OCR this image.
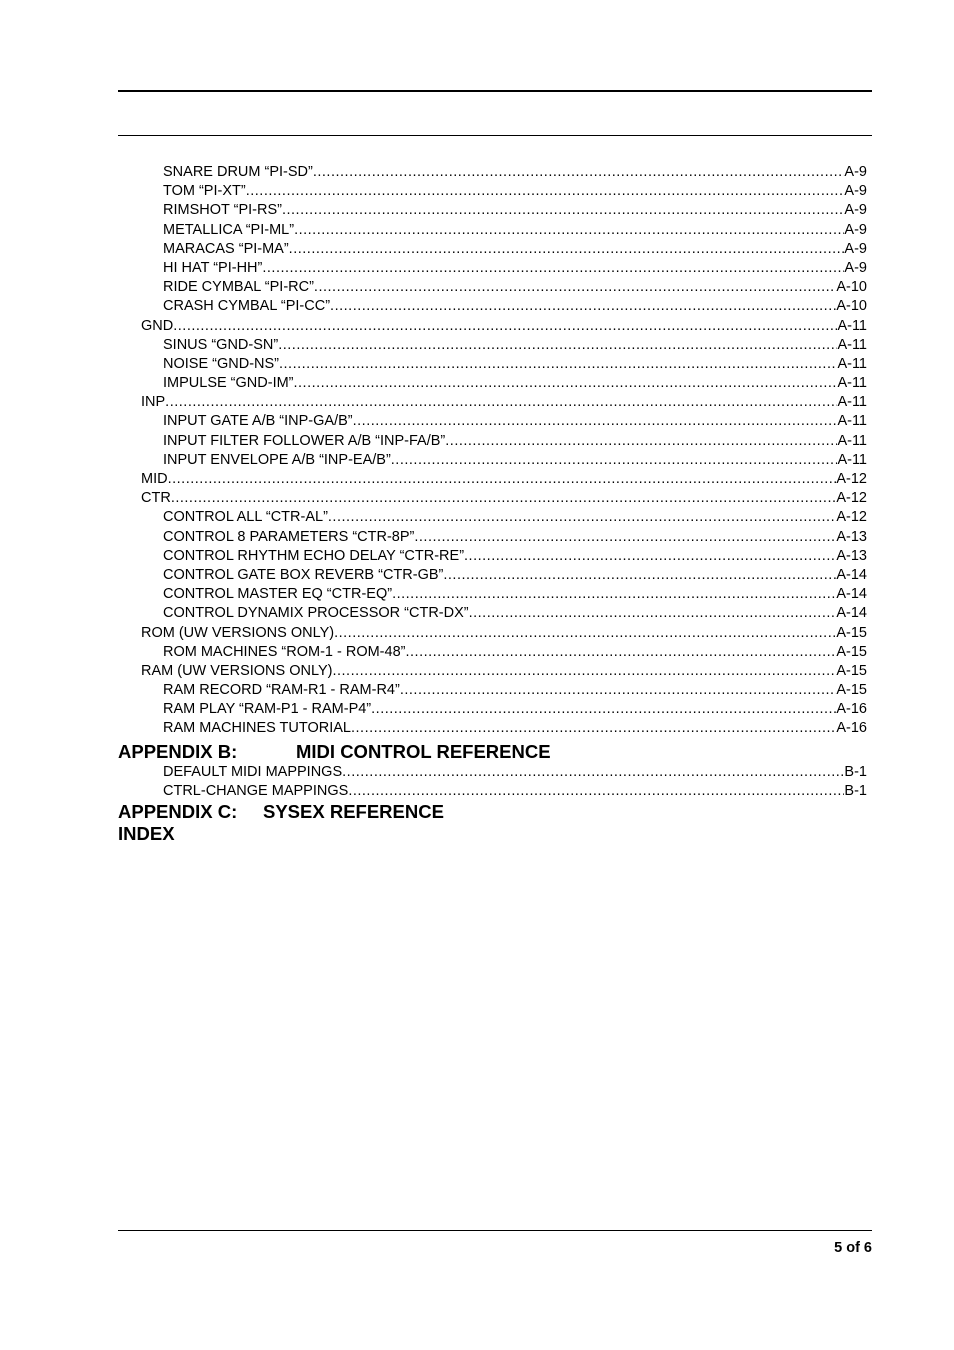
SNARE DRUM “PI-SD” .....	A-9
TOM “PI-XT” .....	A-9
RIMSHOT “PI-RS” .....	A-9
METALLICA “PI-ML” .....	A-9
MARACAS “PI-MA” .....	A-9
HI HAT “PI-HH” .....	A-9
RIDE CYMBAL “PI-RC” .....	A-10
CRASH CYMBAL “PI-CC” .....	A-10
GND .....	A-11
SINUS “GND-SN” .....	A-11
NOISE “GND-NS” .....	A-11
IMPULSE “GND-IM” .....	A-11
INP .....	A-11
INPUT GATE A/B “INP-GA/B” .....	A-11
INPUT FILTER FOLLOWER A/B “INP-FA/B” .....	A-11
INPUT ENVELOPE A/B “INP-EA/B” .....	A-11
MID .....	A-12
CTR .....	A-12
CONTROL ALL “CTR-AL” .....	A-12
CONTROL 8 PARAMETERS “CTR-8P” .....	A-13
CONTROL RHYTHM ECHO DELAY “CTR-RE” .....	A-13
CONTROL GATE BOX REVERB “CTR-GB” .....	A-14
CONTROL MASTER EQ “CTR-EQ” .....	A-14
CONTROL DYNAMIX PROCESSOR “CTR-DX” .....	A-14
ROM (UW VERSIONS ONLY) .....	A-15
ROM MACHINES “ROM-1 - ROM-48” .....	A-15
RAM (UW VERSIONS ONLY) .....	A-15
RAM RECORD “RAM-R1 - RAM-R4” .....	A-15
RAM PLAY “RAM-P1 - RAM-P4” .....	A-16
RAM MACHINES TUTORIAL .....	A-16
APPENDIX B:	MIDI CONTROL REFERENCE
DEFAULT MIDI MAPPINGS .....	B-1
CTRL-CHANGE MAPPINGS .....	B-1
APPENDIX C: SYSEX REFERENCE
INDEX
5 of 6
